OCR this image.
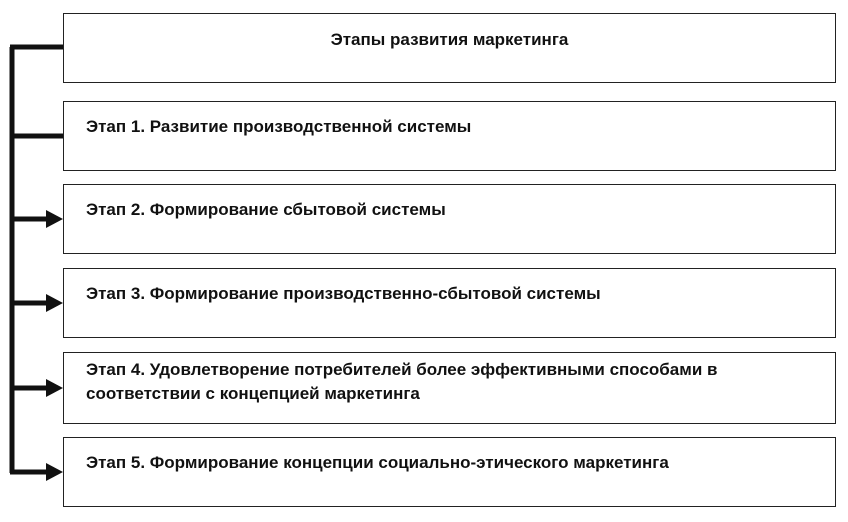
Этапы развития маркетинга
Этап 1. Развитие производственной системы
Этап 2. Формирование сбытовой системы
Этап 3. Формирование производственно-сбытовой системы
Этап 4. Удовлетворение потребителей более эффективными способами в соответствии с концепцией маркетинга
Этап 5. Формирование концепции социально-этического маркетинга
